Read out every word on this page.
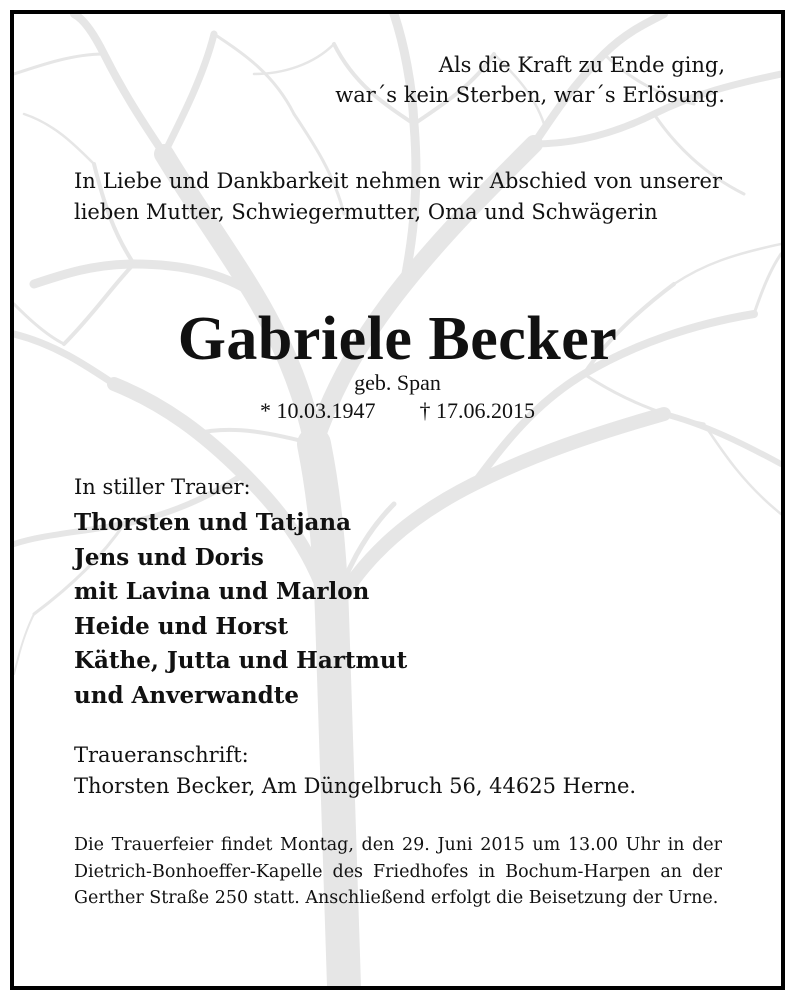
Als die Kraft zu Ende ging,
war´s kein Sterben, war´s Erlösung.
In Liebe und Dankbarkeit nehmen wir Abschied von unserer lieben Mutter, Schwiegermutter, Oma und Schwägerin
Gabriele Becker
geb. Span
* 10.03.1947 † 17.06.2015
In stiller Trauer:
Thorsten und Tatjana
Jens und Doris
mit Lavina und Marlon
Heide und Horst
Käthe, Jutta und Hartmut
und Anverwandte
Traueranschrift:
Thorsten Becker, Am Düngelbruch 56, 44625 Herne.
Die Trauerfeier findet Montag, den 29. Juni 2015 um 13.00 Uhr in der Dietrich-Bonhoeffer-Kapelle des Friedhofes in Bochum-Harpen an der Gerther Straße 250 statt. Anschließend erfolgt die Beisetzung der Urne.
